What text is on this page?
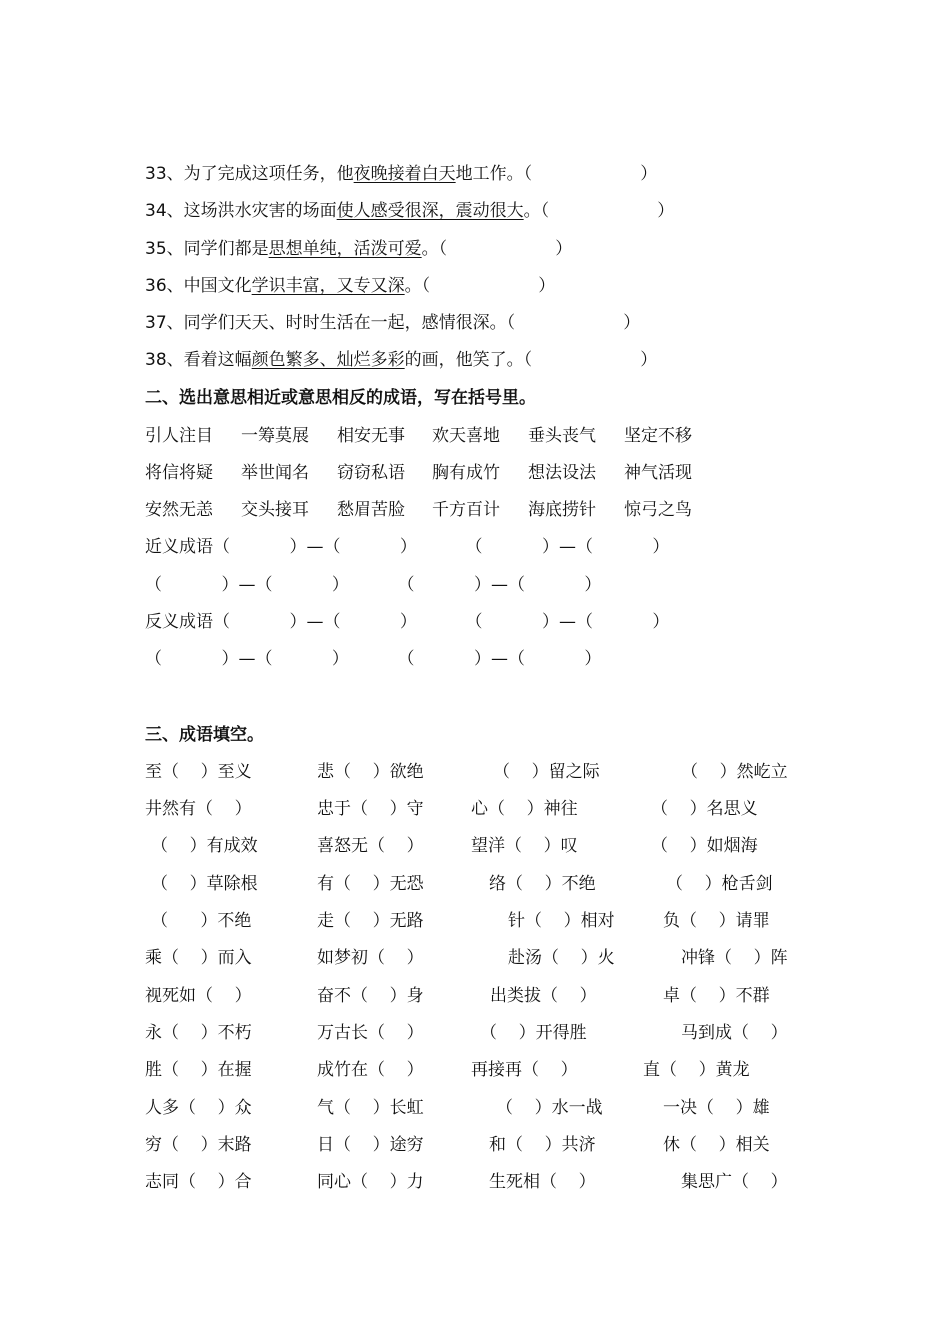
33、为了完成这项任务，他夜晚接着白天地工作。（                    ）
34、这场洪水灾害的场面使人感受很深，震动很大。（                    ）
35、同学们都是思想单纯，活泼可爱。（                    ）
36、中国文化学识丰富，又专又深。（                    ）
37、同学们天天、时时生活在一起，感情很深。（                    ）
38、看着这幅颜色繁多、灿烂多彩的画，他笑了。（                    ）
二、选出意思相近或意思相反的成语，写在括号里。
引人注目 一筹莫展 相安无事 欢天喜地 垂头丧气 坚定不移
将信将疑 举世闻名 窃窃私语 胸有成竹 想法设法 神气活现
安然无恙 交头接耳 愁眉苦脸 千方百计 海底捞针 惊弓之鸟
近义成语（           ）—（           ）         （           ）—（           ）
（           ）—（           ）         （           ）—（           ）
反义成语（           ）—（           ）         （           ）—（           ）
（           ）—（           ）         （           ）—（           ）
三、成语填空。
至（    ）至义	悲（    ）欲绝	（    ）留之际	（    ）然屹立
井然有（    ）	忠于（    ）守	心（    ）神往	（    ）名思义
（    ）有成效	喜怒无（    ）	望洋（    ）叹	（    ）如烟海
（    ）草除根	有（    ）无恐	络（    ）不绝	（    ）枪舌剑
（      ）不绝	走（    ）无路	针（    ）相对	负（    ）请罪
乘（    ）而入	如梦初（    ）	赴汤（    ）火	冲锋（    ）阵
视死如（    ）	奋不（    ）身	出类拔（    ）	卓（    ）不群
永（    ）不朽	万古长（    ）	（    ）开得胜	马到成（    ）
胜（    ）在握	成竹在（    ）	再接再（    ）	直（    ）黄龙
人多（    ）众	气（    ）长虹	（    ）水一战	一决（    ）雄
穷（    ）末路	日（    ）途穷	和（    ）共济	休（    ）相关
志同（    ）合	同心（    ）力	生死相（    ）	集思广（    ）
